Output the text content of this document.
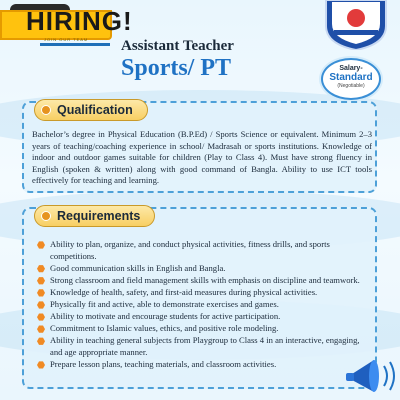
HIRING!
JOIN OUR TEAM Assistant Teacher
Sports/ PT	Salary-
Standard
(Negotiable)
Qualification

Bachelor’s degree in Physical Education (B.P.Ed) / Sports Science or equivalent. Minimum 2–3 years of teaching/coaching experience in school/ Madrasah or sports institutions. Knowledge of indoor and outdoor games suitable for children (Play to Class 4). Must have strong fluency in English (spoken & written) along with good command of Bangla. Ability to use ICT tools effectively for teaching and learning.

Requirements
Ability to plan, organize, and conduct physical activities, fitness drills, and sports competitions.
Good communication skills in English and Bangla.
Strong classroom and field management skills with emphasis on discipline and teamwork.
Knowledge of health, safety, and first-aid measures during physical activities.
Physically fit and active, able to demonstrate exercises and games.
Ability to motivate and encourage students for active participation.
Commitment to Islamic values, ethics, and positive role modeling.
Ability in teaching general subjects from Playgroup to Class 4 in an interactive, engaging, and age appropriate manner.
Prepare lesson plans, teaching materials, and classroom activities.
